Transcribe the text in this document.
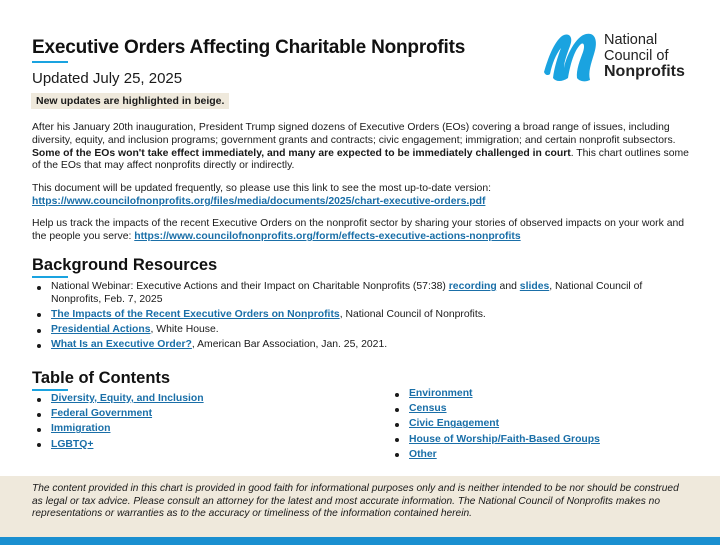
Executive Orders Affecting Charitable Nonprofits
Updated July 25, 2025
New updates are highlighted in beige.
National
Council of
Nonprofits

After his January 20th inauguration, President Trump signed dozens of Executive Orders (EOs) covering a broad range of issues, including diversity, equity, and inclusion programs; government grants and contracts; civic engagement; immigration; and certain nonprofit subsectors. Some of the EOs won't take effect immediately, and many are expected to be immediately challenged in court. This chart outlines some of the EOs that may affect nonprofits directly or indirectly.

This document will be updated frequently, so please use this link to see the most up-to-date version:
https://www.councilofnonprofits.org/files/media/documents/2025/chart-executive-orders.pdf

Help us track the impacts of the recent Executive Orders on the nonprofit sector by sharing your stories of observed impacts on your work and the people you serve: https://www.councilofnonprofits.org/form/effects-executive-actions-nonprofits

Background Resources
National Webinar: Executive Actions and their Impact on Charitable Nonprofits (57:38) recording and slides, National Council of Nonprofits, Feb. 7, 2025
The Impacts of the Recent Executive Orders on Nonprofits, National Council of Nonprofits.
Presidential Actions, White House.
What Is an Executive Order?, American Bar Association, Jan. 25, 2021.
Table of Contents
Diversity, Equity, and Inclusion
Federal Government
Immigration
LGBTQ+
Environment
Census
Civic Engagement
House of Worship/Faith-Based Groups
Other

The content provided in this chart is provided in good faith for informational purposes only and is neither intended to be nor should be construed as legal or tax advice. Please consult an attorney for the latest and most accurate information. The National Council of Nonprofits makes no representations or warranties as to the accuracy or timeliness of the information contained herein.
